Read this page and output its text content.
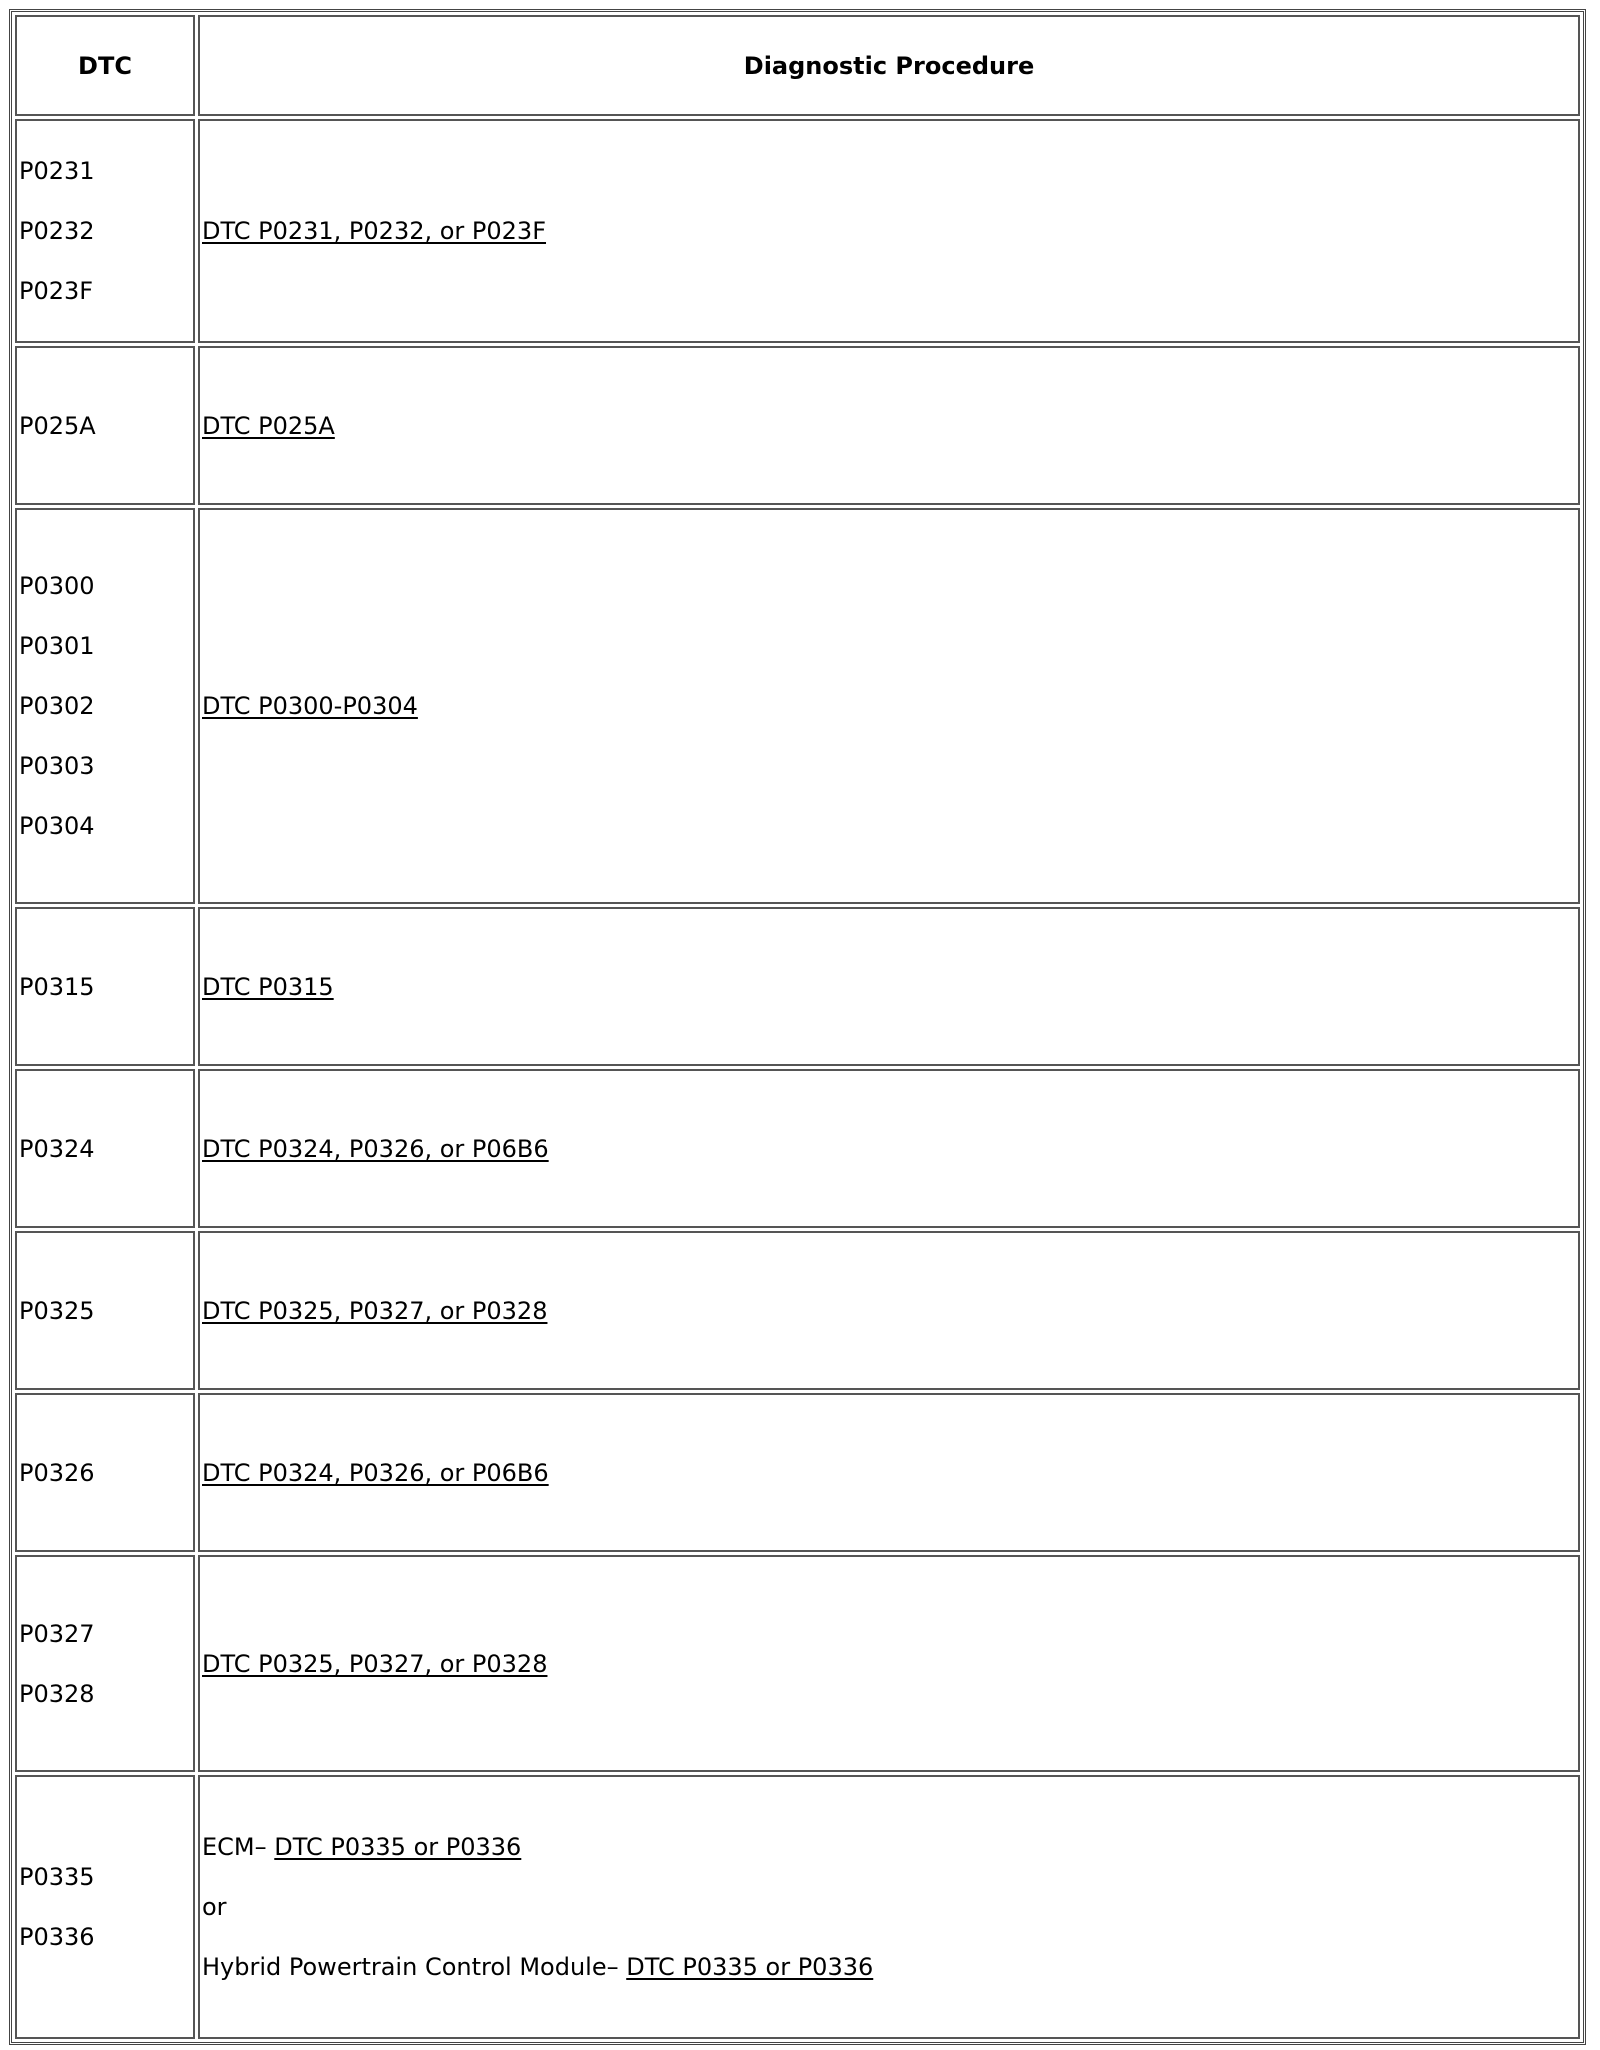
DTC	Diagnostic Procedure

P0231
P0232
P023F	DTC P0231, P0232, or P023F

P025A	DTC P025A

P0300
P0301
P0302
P0303
P0304	DTC P0300-P0304

P0315	DTC P0315

P0324	DTC P0324, P0326, or P06B6

P0325	DTC P0325, P0327, or P0328

P0326	DTC P0324, P0326, or P06B6

P0327
P0328	DTC P0325, P0327, or P0328

P0335
P0336	ECM– DTC P0335 or P0336
or
Hybrid Powertrain Control Module– DTC P0335 or P0336
